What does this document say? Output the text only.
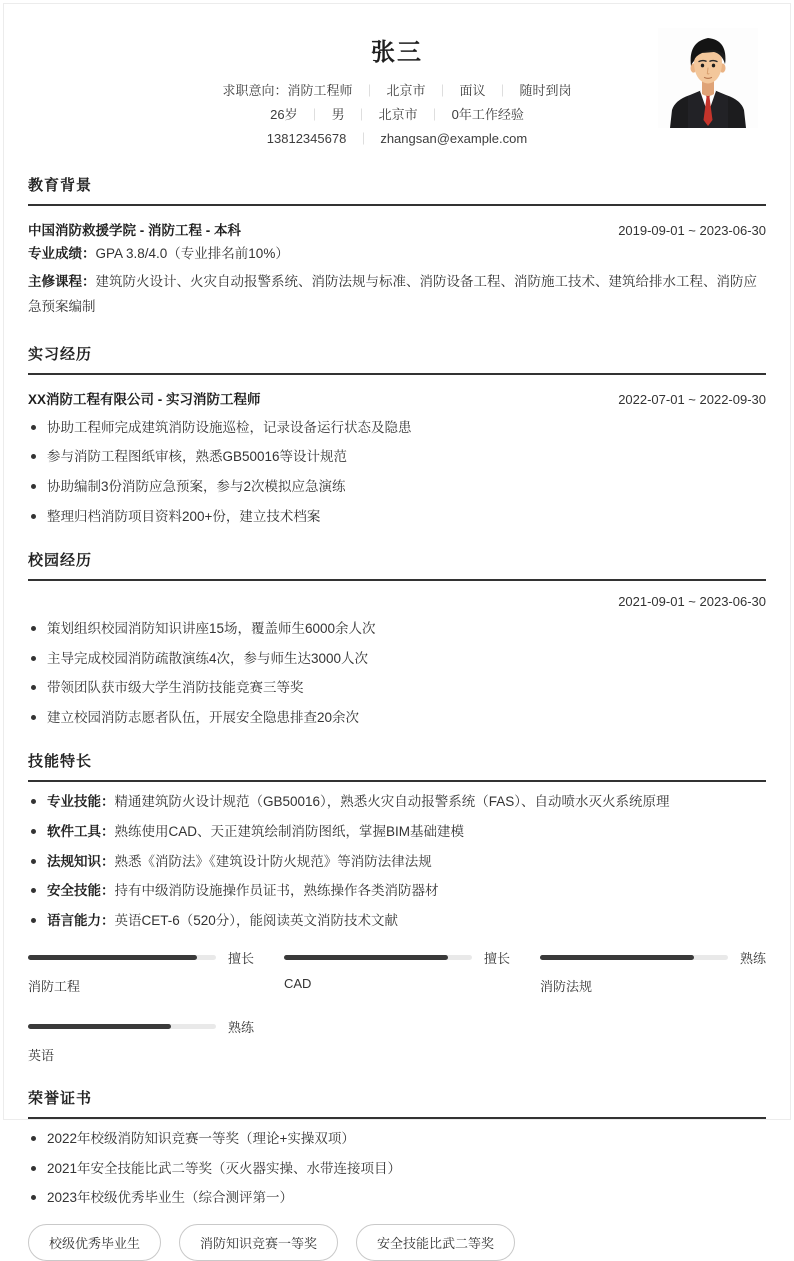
张三
求职意向：消防工程师	｜ 北京市	｜ 面议	｜ 随时到岗
26岁	｜ 男	｜ 北京市	｜ 0年工作经验
13812345678	｜ zhangsan@example.com
教育背景
中国消防救援学院 - 消防工程 - 本科	2019-09-01 ~ 2023-06-30
专业成绩：GPA 3.8/4.0（专业排名前10%）
主修课程：建筑防火设计、火灾自动报警系统、消防法规与标准、消防设备工程、消防施工技术、建筑给排水工程、消防应急预案编制
实习经历
XX消防工程有限公司 - 实习消防工程师	2022-07-01 ~ 2022-09-30
协助工程师完成建筑消防设施巡检，记录设备运行状态及隐患
参与消防工程图纸审核，熟悉GB50016等设计规范
协助编制3份消防应急预案，参与2次模拟应急演练
整理归档消防项目资料200+份，建立技术档案
校园经历
2021-09-01 ~ 2023-06-30
策划组织校园消防知识讲座15场，覆盖师生6000余人次
主导完成校园消防疏散演练4次，参与师生达3000人次
带领团队获市级大学生消防技能竞赛三等奖
建立校园消防志愿者队伍，开展安全隐患排查20余次
技能特长
专业技能：精通建筑防火设计规范（GB50016），熟悉火灾自动报警系统（FAS）、自动喷水灭火系统原理
软件工具：熟练使用CAD、天正建筑绘制消防图纸，掌握BIM基础建模
法规知识：熟悉《消防法》《建筑设计防火规范》等消防法律法规
安全技能：持有中级消防设施操作员证书，熟练操作各类消防器材
语言能力：英语CET-6（520分），能阅读英文消防技术文献
擅长
消防工程
擅长
CAD
熟练
消防法规
熟练
英语
荣誉证书
2022年校级消防知识竞赛一等奖（理论+实操双项）
2021年安全技能比武二等奖（灭火器实操、水带连接项目）
2023年校级优秀毕业生（综合测评第一）
校级优秀毕业生	消防知识竞赛一等奖	安全技能比武二等奖
